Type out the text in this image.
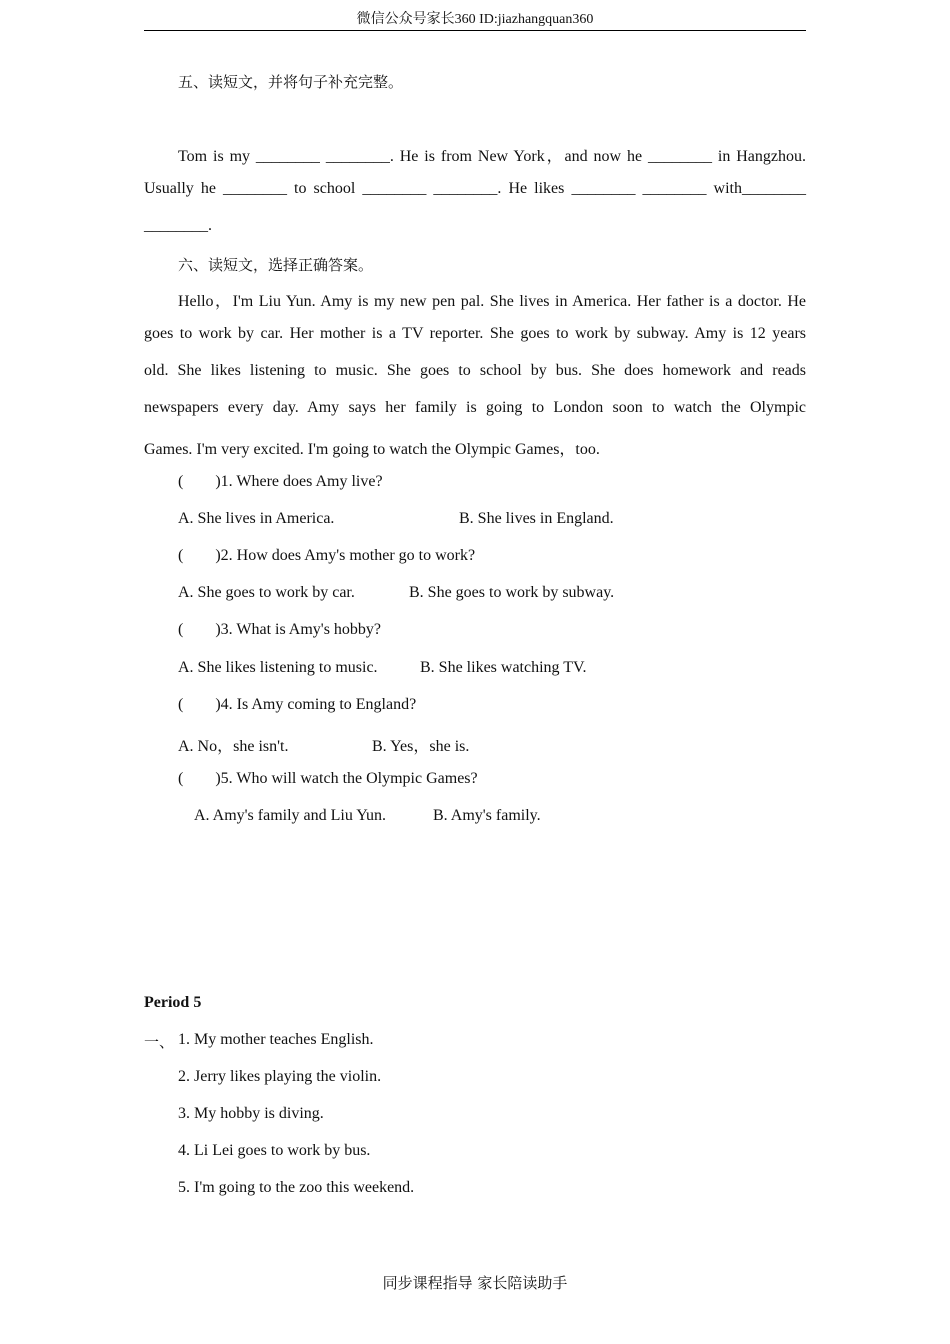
微信公众号家长360 ID:jiazhangquan360
五、读短文，并将句子补充完整。
Tom is my ________ ________. He is from New York，and now he ________ in Hangzhou.
Usually he ________ to school ________ ________. He likes ________ ________ with________
________.
六、读短文，选择正确答案。
Hello，I'm Liu Yun. Amy is my new pen pal. She lives in America. Her father is a doctor. He
goes to work by car. Her mother is a TV reporter. She goes to work by subway. Amy is 12 years
old. She likes listening to music. She goes to school by bus. She does homework and reads
newspapers every day. Amy says her family is going to London soon to watch the Olympic
Games. I'm very excited. I'm going to watch the Olympic Games，too.
(        )1. Where does Amy live?
A. She lives in America.	B. She lives in England.
(        )2. How does Amy's mother go to work?
A. She goes to work by car.	B. She goes to work by subway.
(        )3. What is Amy's hobby?
A. She likes listening to music.	B. She likes watching TV.
(        )4. Is Amy coming to England?
A. No，she isn't.	B. Yes，she is.
(        )5. Who will watch the Olympic Games?
A. Amy's family and Liu Yun.	B. Amy's family.
Period 5
一、 1. My mother teaches English.
2. Jerry likes playing the violin.
3. My hobby is diving.
4. Li Lei goes to work by bus.
5. I'm going to the zoo this weekend.
同步课程指导 家长陪读助手
